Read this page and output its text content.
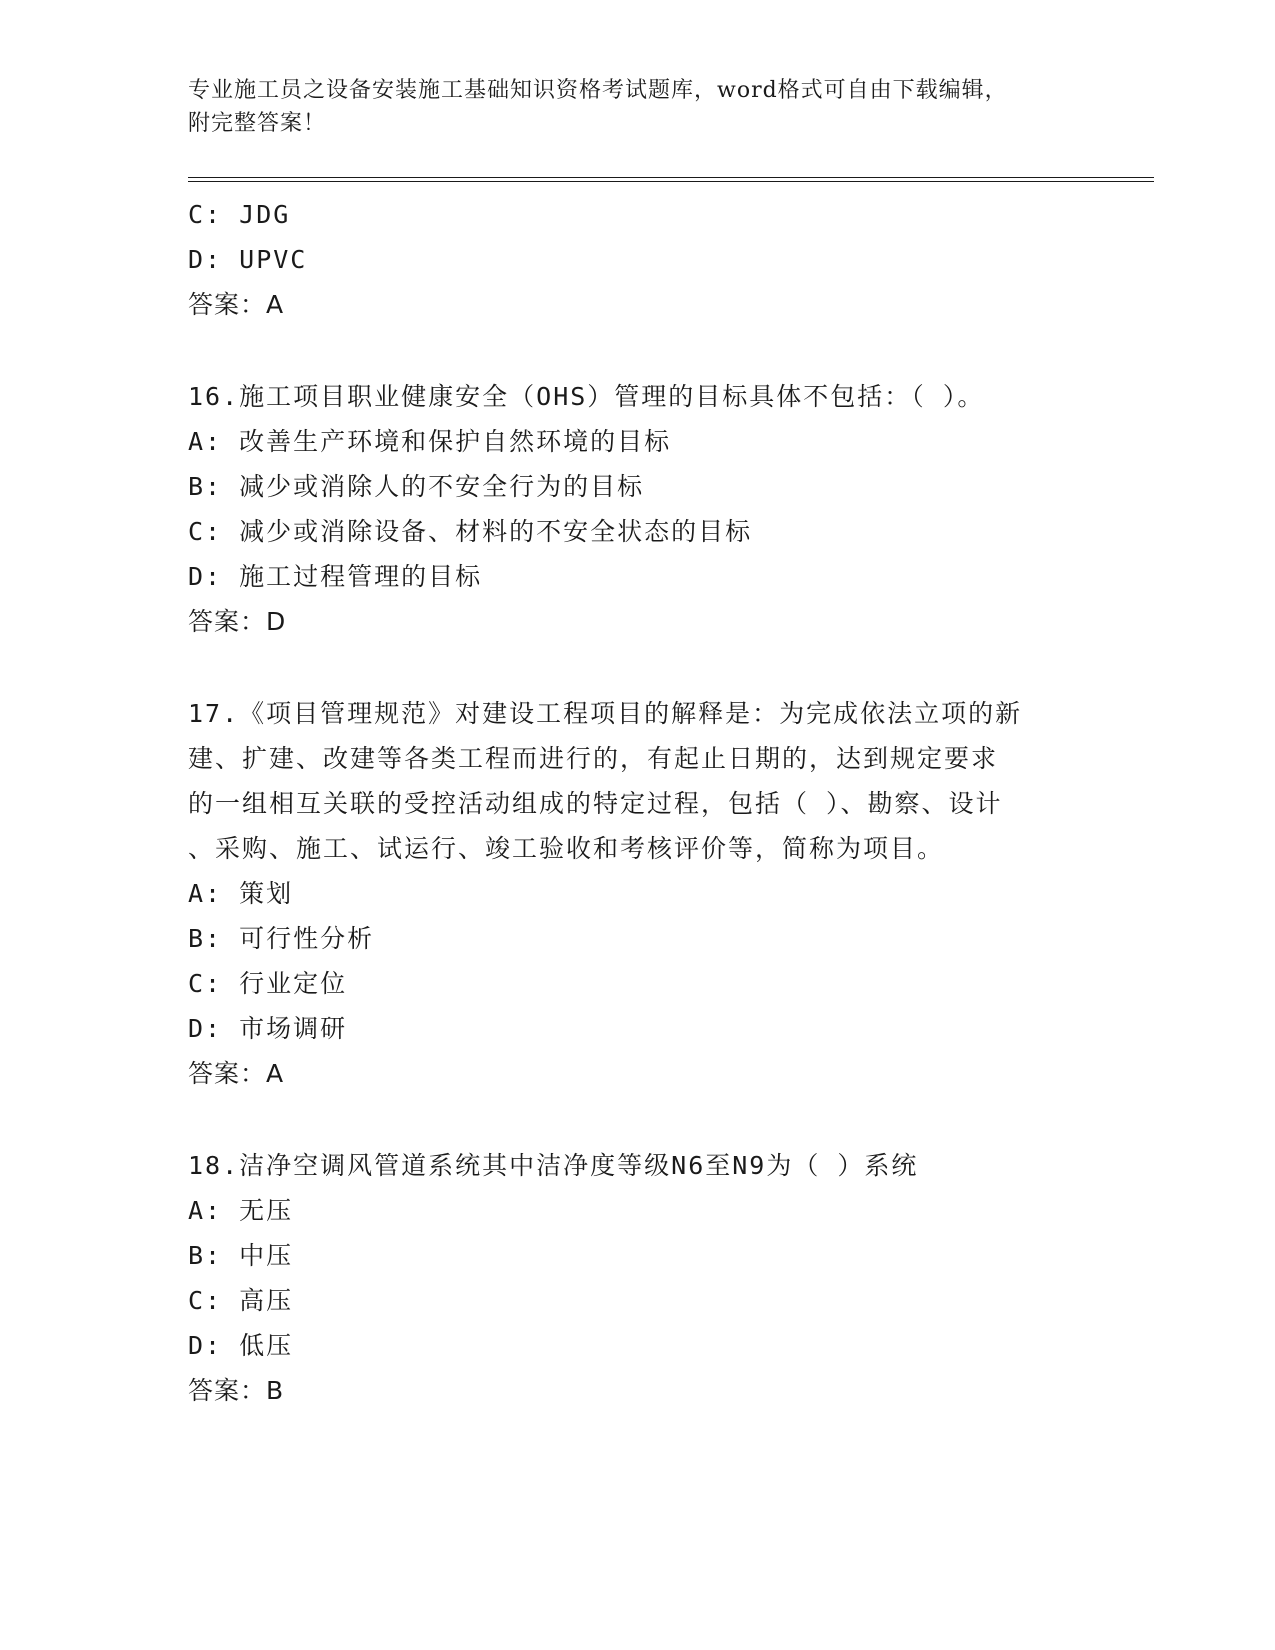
专业施工员之设备安装施工基础知识资格考试题库，word格式可自由下载编辑，
附完整答案！
C: JDG
D: UPVC
答案：A
16.施工项目职业健康安全（OHS）管理的目标具体不包括：（ ）。
A: 改善生产环境和保护自然环境的目标
B: 减少或消除人的不安全行为的目标
C: 减少或消除设备、材料的不安全状态的目标
D: 施工过程管理的目标
答案：D
17.《项目管理规范》对建设工程项目的解释是：为完成依法立项的新
建、扩建、改建等各类工程而进行的，有起止日期的，达到规定要求
的一组相互关联的受控活动组成的特定过程，包括（ ）、勘察、设计
、采购、施工、试运行、竣工验收和考核评价等，简称为项目。
A: 策划
B: 可行性分析
C: 行业定位
D: 市场调研
答案：A
18.洁净空调风管道系统其中洁净度等级N6至N9为（ ）系统
A: 无压
B: 中压
C: 高压
D: 低压
答案：B
